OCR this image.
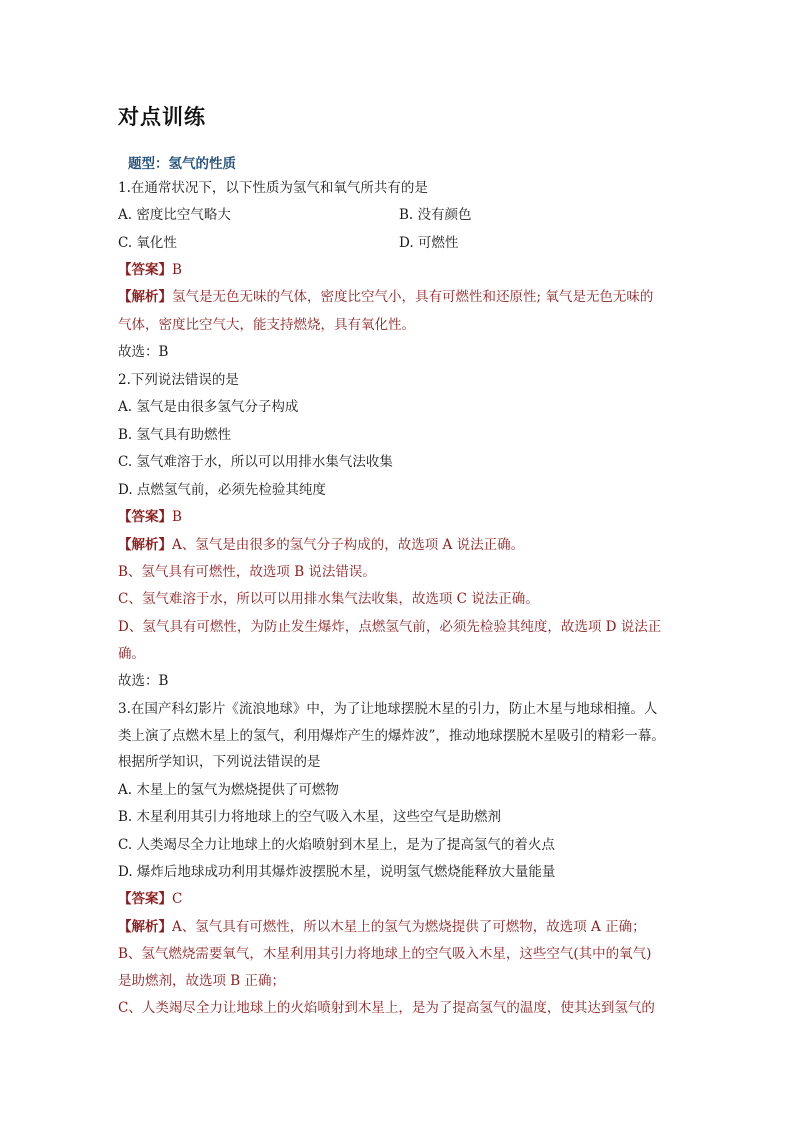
对点训练
题型：氢气的性质
1.在通常状况下，以下性质为氢气和氧气所共有的是
A. 密度比空气略大	B. 没有颜色
C. 氧化性	D. 可燃性
【答案】B
【解析】氢气是无色无味的气体，密度比空气小，具有可燃性和还原性; 氧气是无色无味的
气体，密度比空气大，能支持燃烧，具有氧化性。
故选：B
2.下列说法错误的是
A. 氢气是由很多氢气分子构成
B. 氢气具有助燃性
C. 氢气难溶于水，所以可以用排水集气法收集
D. 点燃氢气前，必须先检验其纯度
【答案】B
【解析】A、氢气是由很多的氢气分子构成的，故选项 A 说法正确。
B、氢气具有可燃性，故选项 B 说法错误。
C、氢气难溶于水，所以可以用排水集气法收集，故选项 C 说法正确。
D、氢气具有可燃性，为防止发生爆炸，点燃氢气前，必须先检验其纯度，故选项 D 说法正
确。
故选：B
3.在国产科幻影片《流浪地球》中，为了让地球摆脱木星的引力，防止木星与地球相撞。人
类上演了点燃木星上的氢气，利用爆炸产生的爆炸波”，推动地球摆脱木星吸引的精彩一幕。
根据所学知识，下列说法错误的是
A. 木星上的氢气为燃烧提供了可燃物
B. 木星利用其引力将地球上的空气吸入木星，这些空气是助燃剂
C. 人类竭尽全力让地球上的火焰喷射到木星上，是为了提高氢气的着火点
D. 爆炸后地球成功利用其爆炸波摆脱木星，说明氢气燃烧能释放大量能量
【答案】C
【解析】A、氢气具有可燃性，所以木星上的氢气为燃烧提供了可燃物，故选项 A 正确；
B、氢气燃烧需要氧气，木星利用其引力将地球上的空气吸入木星，这些空气(其中的氧气)
是助燃剂，故选项 B 正确；
C、人类竭尽全力让地球上的火焰喷射到木星上，是为了提高氢气的温度，使其达到氢气的
